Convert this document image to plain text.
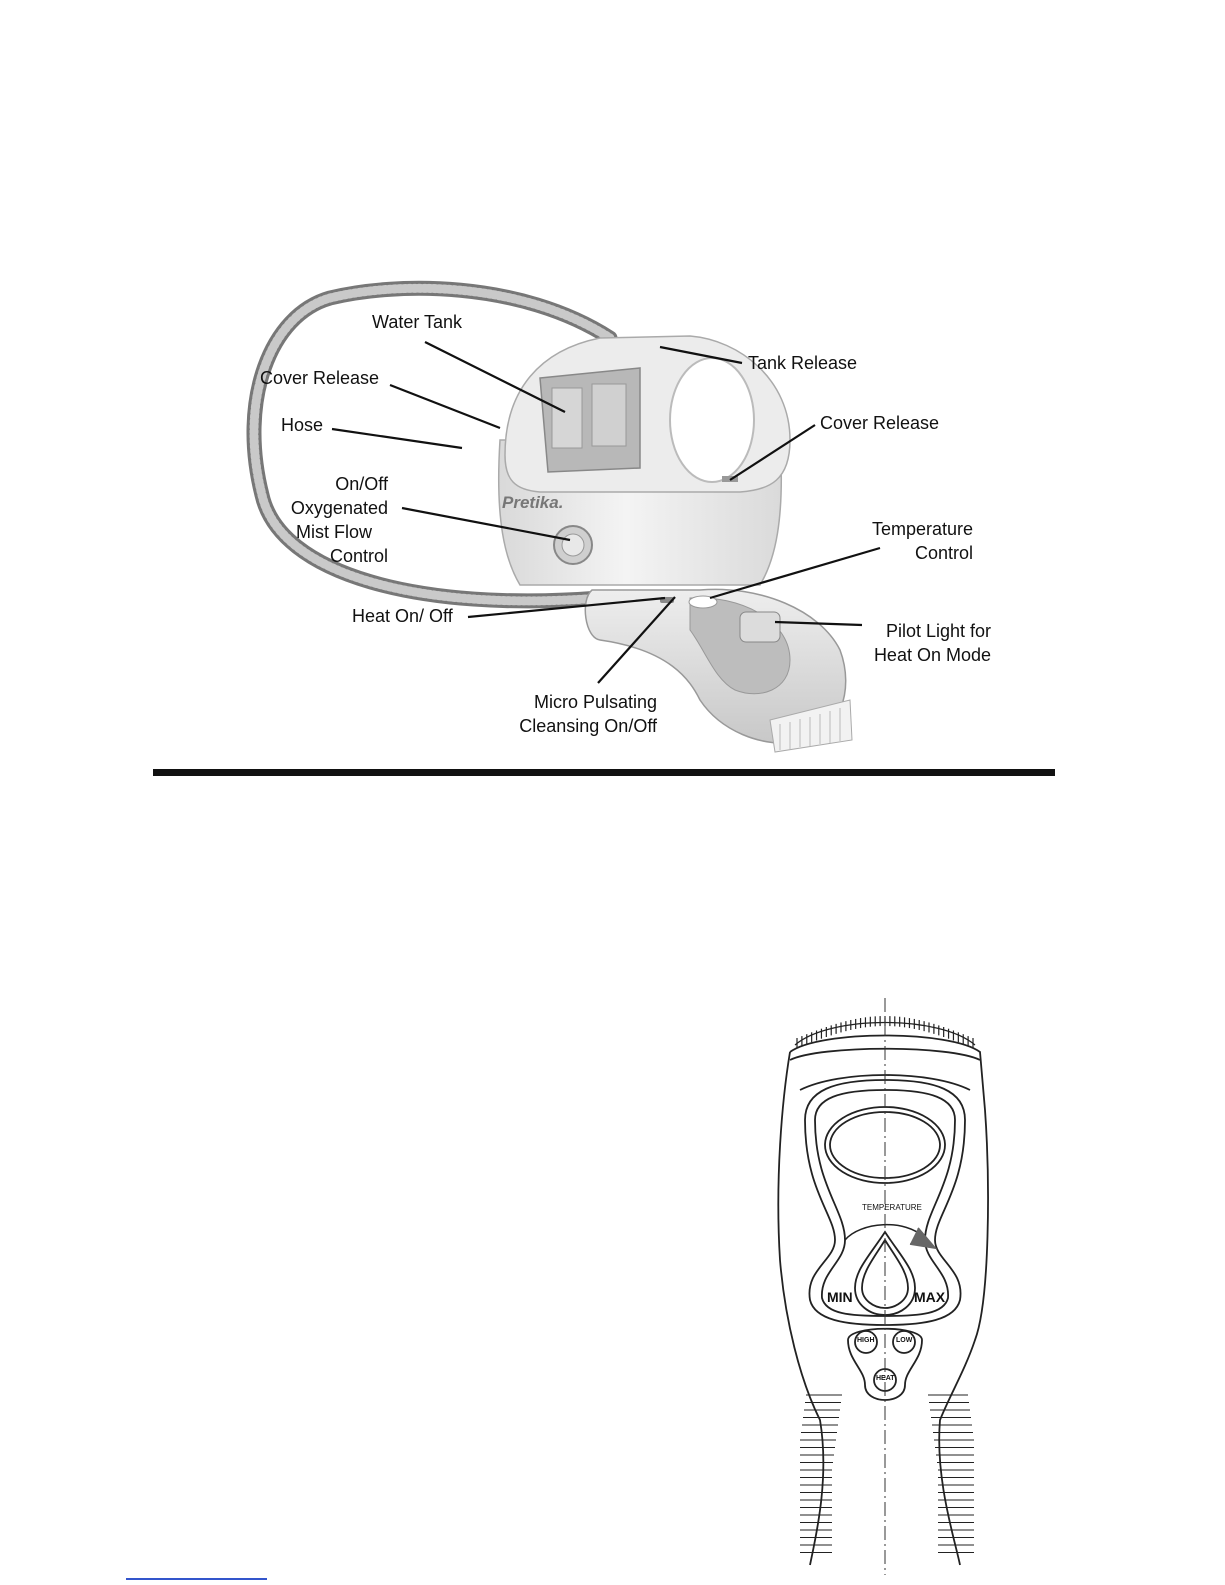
Pretika.
Water Tank
Tank Release
Cover Release
Hose	Cover Release
On/Off
Oxygenated
Mist Flow
Control
Temperature
Control
Heat On/ Off
Pilot Light for
Heat On Mode
Micro Pulsating
Cleansing On/Off
TEMPERATURE
MIN	MAX
HIGH	LOW
HEAT
